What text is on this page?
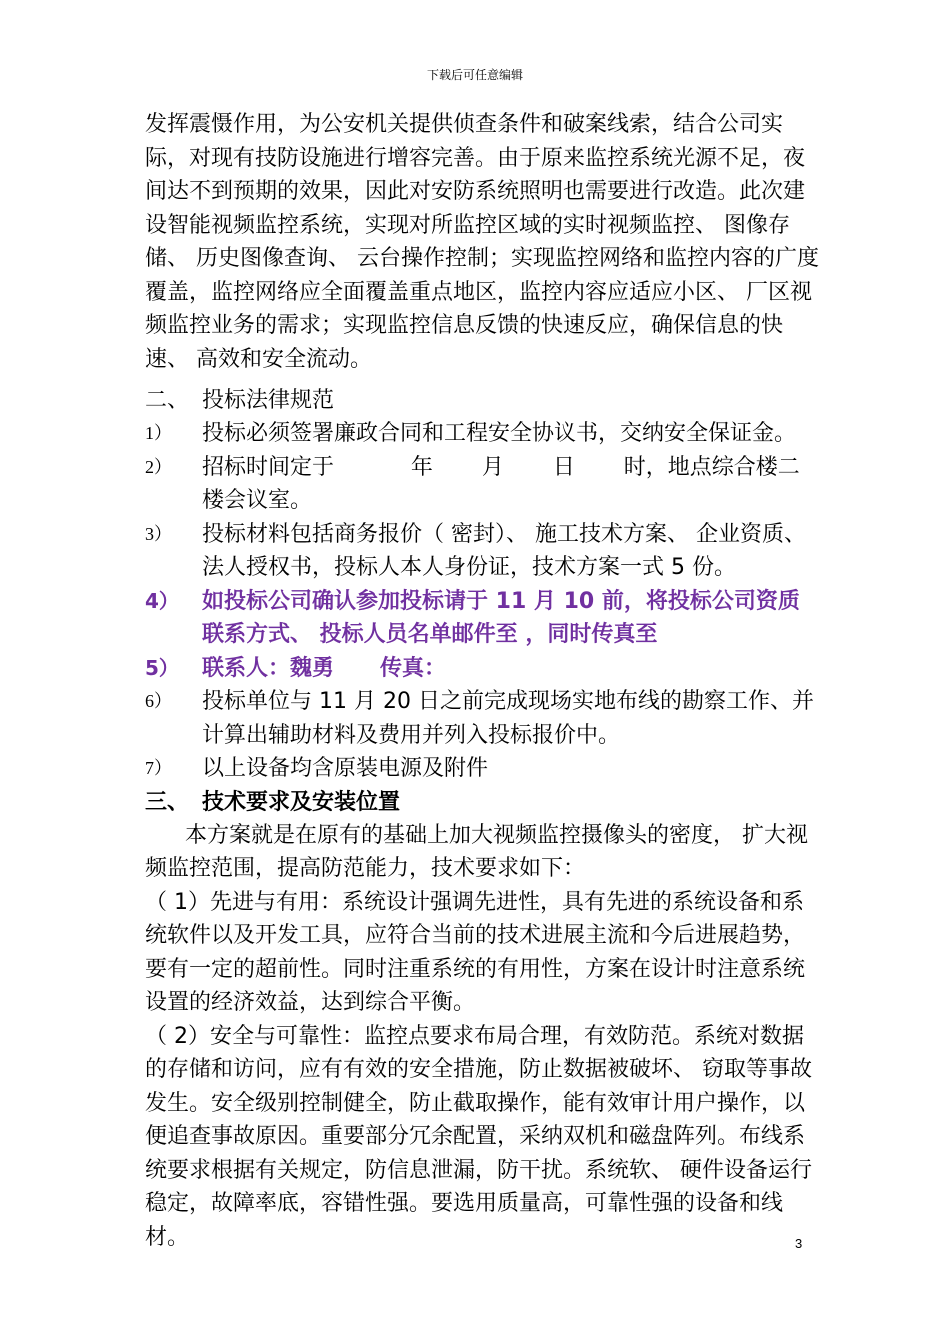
下载后可任意编辑

发挥震慑作用，为公安机关提供侦查条件和破案线索，结合公司实际，对现有技防设施进行增容完善。由于原来监控系统光源不足，夜间达不到预期的效果，因此对安防系统照明也需要进行改造。此次建设智能视频监控系统，实现对所监控区域的实时视频监控、 图像存储、 历史图像查询、 云台操作控制；实现监控网络和监控内容的广度覆盖，监控网络应全面覆盖重点地区，监控内容应适应小区、 厂区视频监控业务的需求；实现监控信息反馈的快速反应，确保信息的快速、 高效和安全流动。

二、 投标法律规范
1）	投标必须签署廉政合同和工程安全协议书，交纳安全保证金。
2）	招标时间定于           年       月       日       时，地点综合楼二楼会议室。
3）	投标材料包括商务报价（ 密封）、 施工技术方案、 企业资质、 法人授权书，投标人本人身份证，技术方案一式 5 份。
4）	如投标公司确认参加投标请于 11 月 10 前，将投标公司资质联系方式、 投标人员名单邮件至 ，同时传真至
5）	联系人：魏勇      传真：
6）	投标单位与 11 月 20 日之前完成现场实地布线的勘察工作、并计算出辅助材料及费用并列入投标报价中。
7）	以上设备均含原装电源及附件
三、 技术要求及安装位置

本方案就是在原有的基础上加大视频监控摄像头的密度， 扩大视频监控范围，提高防范能力，技术要求如下：

（ 1）先进与有用：系统设计强调先进性，具有先进的系统设备和系统软件以及开发工具，应符合当前的技术进展主流和今后进展趋势，要有一定的超前性。同时注重系统的有用性，方案在设计时注意系统设置的经济效益，达到综合平衡。

（ 2）安全与可靠性：监控点要求布局合理，有效防范。系统对数据的存储和访问，应有有效的安全措施，防止数据被破坏、 窃取等事故发生。安全级别控制健全，防止截取操作，能有效审计用户操作，以便追查事故原因。重要部分冗余配置，采纳双机和磁盘阵列。布线系统要求根据有关规定，防信息泄漏，防干扰。系统软、 硬件设备运行稳定，故障率底，容错性强。要选用质量高，可靠性强的设备和线材。	3
